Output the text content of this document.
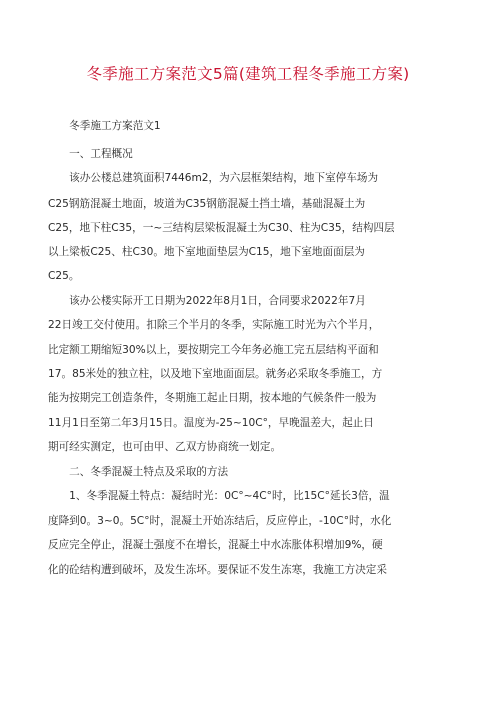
冬季施工方案范文5篇(建筑工程冬季施工方案)
　　冬季施工方案范文1
　　一、工程概况
　　该办公楼总建筑面积7446m2，为六层框架结构，地下室停车场为
C25钢筋混凝土地面，坡道为C35钢筋混凝土挡土墙，基础混凝土为
C25，地下柱C35，一~三结构层梁板混凝土为C30、柱为C35，结构四层
以上梁板C25、柱C30。地下室地面垫层为C15，地下室地面面层为
C25。
　　该办公楼实际开工日期为2022年8月1日，合同要求2022年7月
22日竣工交付使用。扣除三个半月的冬季，实际施工时光为六个半月，
比定额工期缩短30%以上，要按期完工今年务必施工完五层结构平面和
17。85米处的独立柱，以及地下室地面面层。就务必采取冬季施工，方
能为按期完工创造条件，冬期施工起止日期，按本地的气候条件一般为
11月1日至第二年3月15日。温度为-25~10C°，早晚温差大，起止日
期可经实测定，也可由甲、乙双方协商统一划定。
　　二、冬季混凝土特点及采取的方法
　　1、冬季混凝土特点：凝结时光：0C°~4C°时，比15C°延长3倍，温
度降到0。3~0。5C°时，混凝土开始冻结后，反应停止，-10C°时，水化
反应完全停止，混凝土强度不在增长，混凝土中水冻胀体积增加9%，硬
化的砼结构遭到破坏，及发生冻坏。要保证不发生冻寒，我施工方决定采
